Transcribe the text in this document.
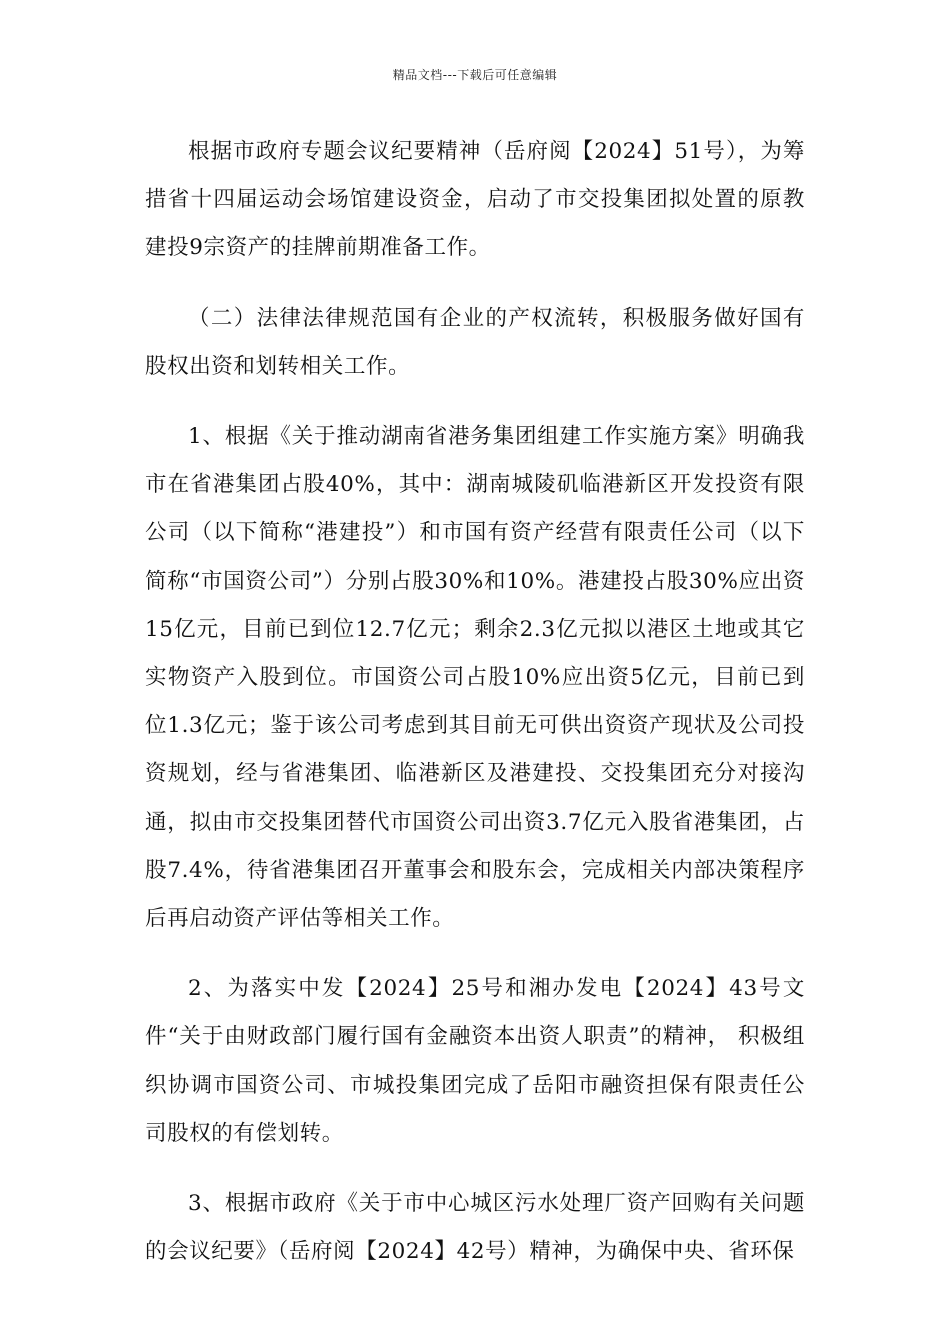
精品文档---下载后可任意编辑

根据市政府专题会议纪要精神（岳府阅【2024】51号），为筹措省十四届运动会场馆建设资金，启动了市交投集团拟处置的原教建投9宗资产的挂牌前期准备工作。

（二）法律法律规范国有企业的产权流转，积极服务做好国有股权出资和划转相关工作。

1、根据《关于推动湖南省港务集团组建工作实施方案》明确我市在省港集团占股40%，其中：湖南城陵矶临港新区开发投资有限公司（以下简称“港建投”）和市国有资产经营有限责任公司（以下简称“市国资公司”）分别占股30%和10%。港建投占股30%应出资15亿元，目前已到位12.7亿元；剩余2.3亿元拟以港区土地或其它实物资产入股到位。市国资公司占股10%应出资5亿元，目前已到位1.3亿元；鉴于该公司考虑到其目前无可供出资资产现状及公司投资规划，经与省港集团、临港新区及港建投、交投集团充分对接沟通，拟由市交投集团替代市国资公司出资3.7亿元入股省港集团，占股7.4%，待省港集团召开董事会和股东会，完成相关内部决策程序后再启动资产评估等相关工作。

2、为落实中发【2024】25号和湘办发电【2024】43号文件“关于由财政部门履行国有金融资本出资人职责”的精神， 积极组织协调市国资公司、市城投集团完成了岳阳市融资担保有限责任公司股权的有偿划转。

3、根据市政府《关于市中心城区污水处理厂资产回购有关问题的会议纪要》（岳府阅【2024】42号）精神，为确保中央、省环保
